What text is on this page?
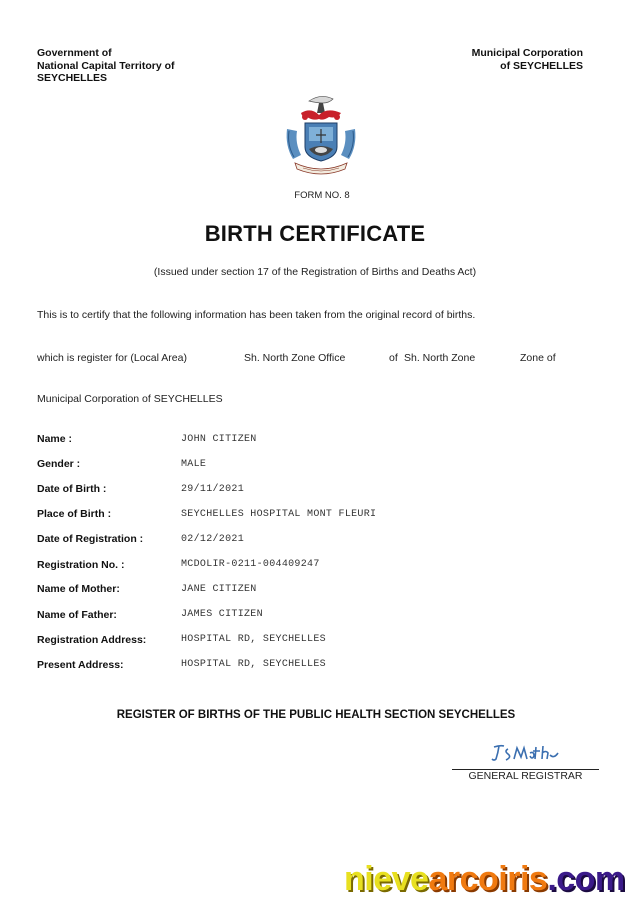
Government of
National Capital Territory of
SEYCHELLES
Municipal Corporation
of SEYCHELLES
FORM NO. 8
BIRTH CERTIFICATE
(Issued under section 17 of the Registration of Births and Deaths Act)
This is to certify that the following information has been taken from the original record of births.
which is register for (Local Area)	Sh. North Zone Office	of Sh. North Zone	Zone of
Municipal Corporation of SEYCHELLES
Name :	JOHN CITIZEN
Gender :	MALE
Date of Birth :	29/11/2021
Place of Birth :	SEYCHELLES HOSPITAL MONT FLEURI
Date of Registration :	02/12/2021
Registration No. :	MCDOLIR-0211-004409247
Name of Mother:	JANE CITIZEN
Name of Father:	JAMES CITIZEN
Registration Address:	HOSPITAL RD, SEYCHELLES
Present Address:	HOSPITAL RD, SEYCHELLES
REGISTER OF BIRTHS OF THE PUBLIC HEALTH SECTION SEYCHELLES
GENERAL REGISTRAR
nievearcoiris.com
